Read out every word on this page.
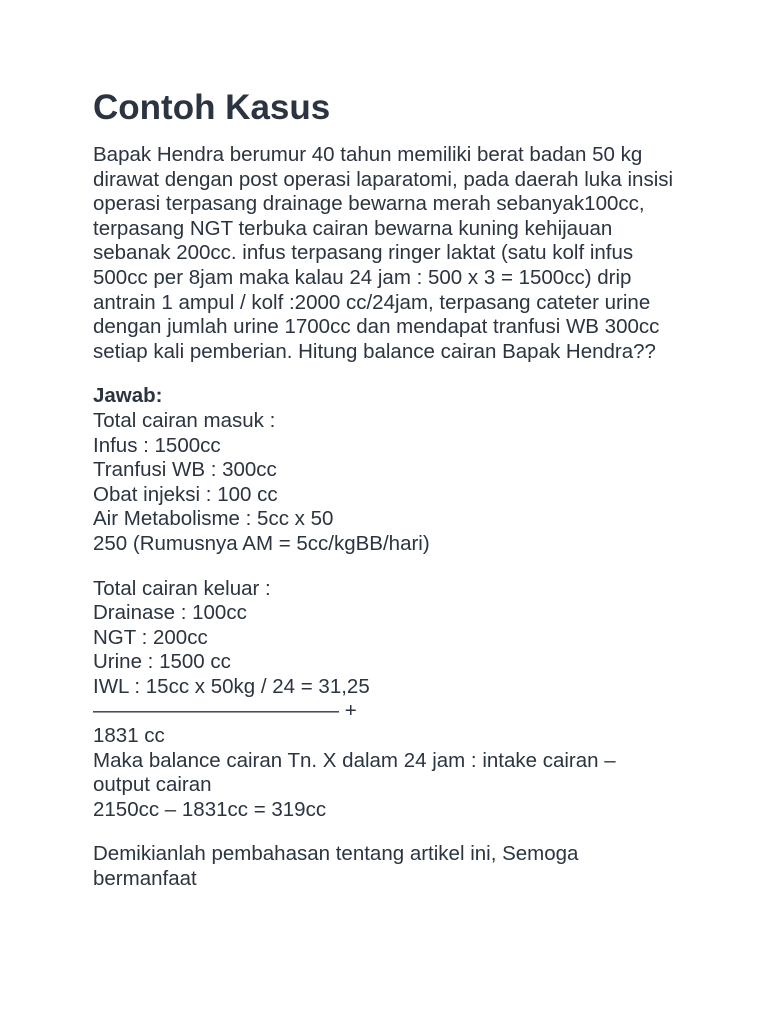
Contoh Kasus

Bapak Hendra berumur 40 tahun memiliki berat badan 50 kg dirawat dengan post operasi laparatomi, pada daerah luka insisi operasi terpasang drainage bewarna merah sebanyak100cc, terpasang NGT terbuka cairan bewarna kuning kehijauan sebanak 200cc. infus terpasang ringer laktat (satu kolf infus 500cc per 8jam maka kalau 24 jam : 500 x 3 = 1500cc) drip antrain 1 ampul / kolf :2000 cc/24jam, terpasang cateter urine dengan jumlah urine 1700cc dan mendapat tranfusi WB 300cc setiap kali pemberian. Hitung balance cairan Bapak Hendra??

Jawab:
Total cairan masuk :
Infus : 1500cc
Tranfusi WB : 300cc
Obat injeksi : 100 cc
Air Metabolisme : 5cc x 50
250 (Rumusnya AM = 5cc/kgBB/hari)
Total cairan keluar :
Drainase : 100cc
NGT : 200cc
Urine : 1500 cc
IWL : 15cc x 50kg / 24 = 31,25
———————————— +
1831 cc
Maka balance cairan Tn. X dalam 24 jam : intake cairan – output cairan
2150cc – 1831cc = 319cc

Demikianlah pembahasan tentang artikel ini, Semoga bermanfaat
